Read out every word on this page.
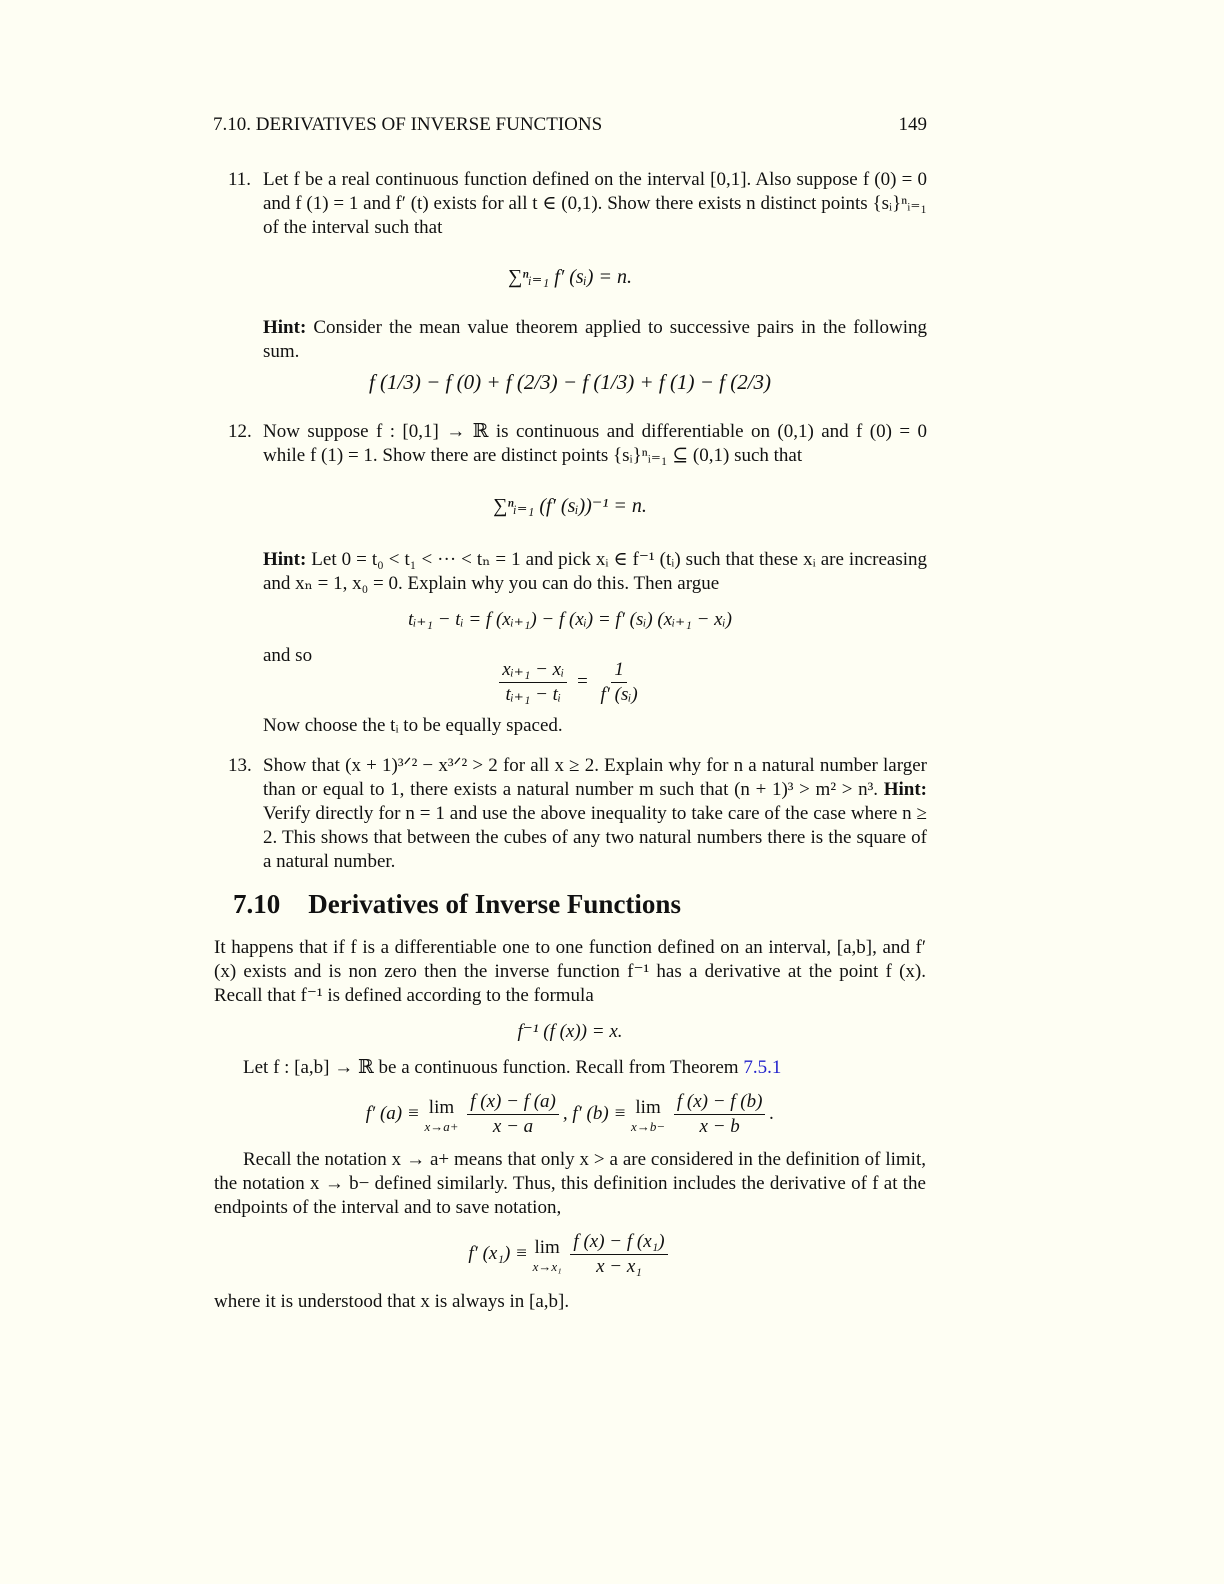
7.10. DERIVATIVES OF INVERSE FUNCTIONS	149
11. Let f be a real continuous function defined on the interval [0,1]. Also suppose f (0) = 0 and f (1) = 1 and f′ (t) exists for all t ∈ (0,1). Show there exists n distinct points {sᵢ}ⁿᵢ₌₁ of the interval such that
∑ⁿᵢ₌₁ f′ (sᵢ) = n.
Hint: Consider the mean value theorem applied to successive pairs in the following sum.
f (1/3) − f (0) + f (2/3) − f (1/3) + f (1) − f (2/3)
12. Now suppose f : [0,1] → ℝ is continuous and differentiable on (0,1) and f (0) = 0 while f (1) = 1. Show there are distinct points {sᵢ}ⁿᵢ₌₁ ⊆ (0,1) such that
∑ⁿᵢ₌₁ (f′ (sᵢ))⁻¹ = n.
Hint: Let 0 = t₀ < t₁ < ··· < tₙ = 1 and pick xᵢ ∈ f⁻¹ (tᵢ) such that these xᵢ are increasing and xₙ = 1, x₀ = 0. Explain why you can do this. Then argue
tᵢ₊₁ − tᵢ = f (xᵢ₊₁) − f (xᵢ) = f′ (sᵢ) (xᵢ₊₁ − xᵢ)
and so
$\frac{\text{xᵢ₊₁ − xᵢ}}{\text{tᵢ₊₁ − tᵢ}} = \frac{1}{\text{f′ (sᵢ)}}$
Now choose the tᵢ to be equally spaced.
13. Show that (x + 1)³ᐟ² − x³ᐟ² > 2 for all x ≥ 2. Explain why for n a natural number larger than or equal to 1, there exists a natural number m such that (n + 1)³ > m² > n³. Hint: Verify directly for n = 1 and use the above inequality to take care of the case where n ≥ 2. This shows that between the cubes of any two natural numbers there is the square of a natural number.
7.10 Derivatives of Inverse Functions
It happens that if f is a differentiable one to one function defined on an interval, [a,b], and f′ (x) exists and is non zero then the inverse function f⁻¹ has a derivative at the point f (x). Recall that f⁻¹ is defined according to the formula
f⁻¹ (f (x)) = x.
Let f : [a,b] → ℝ be a continuous function. Recall from Theorem 7.5.1
f′ (a) ≡ lim
x→a+
$\frac{f (x) - f (a)}{x - a}$ , f′ (b) ≡ lim
x→b−
$\frac{f (x) - f (b)}{x - b}$ .
Recall the notation x → a+ means that only x > a are considered in the definition of limit, the notation x → b− defined similarly. Thus, this definition includes the derivative of f at the endpoints of the interval and to save notation,
f′ (x₁) ≡ lim
x→x₁
$\frac{\text{f (x) − f (x₁)}}{\text{x − x₁}}$
where it is understood that x is always in [a,b].
